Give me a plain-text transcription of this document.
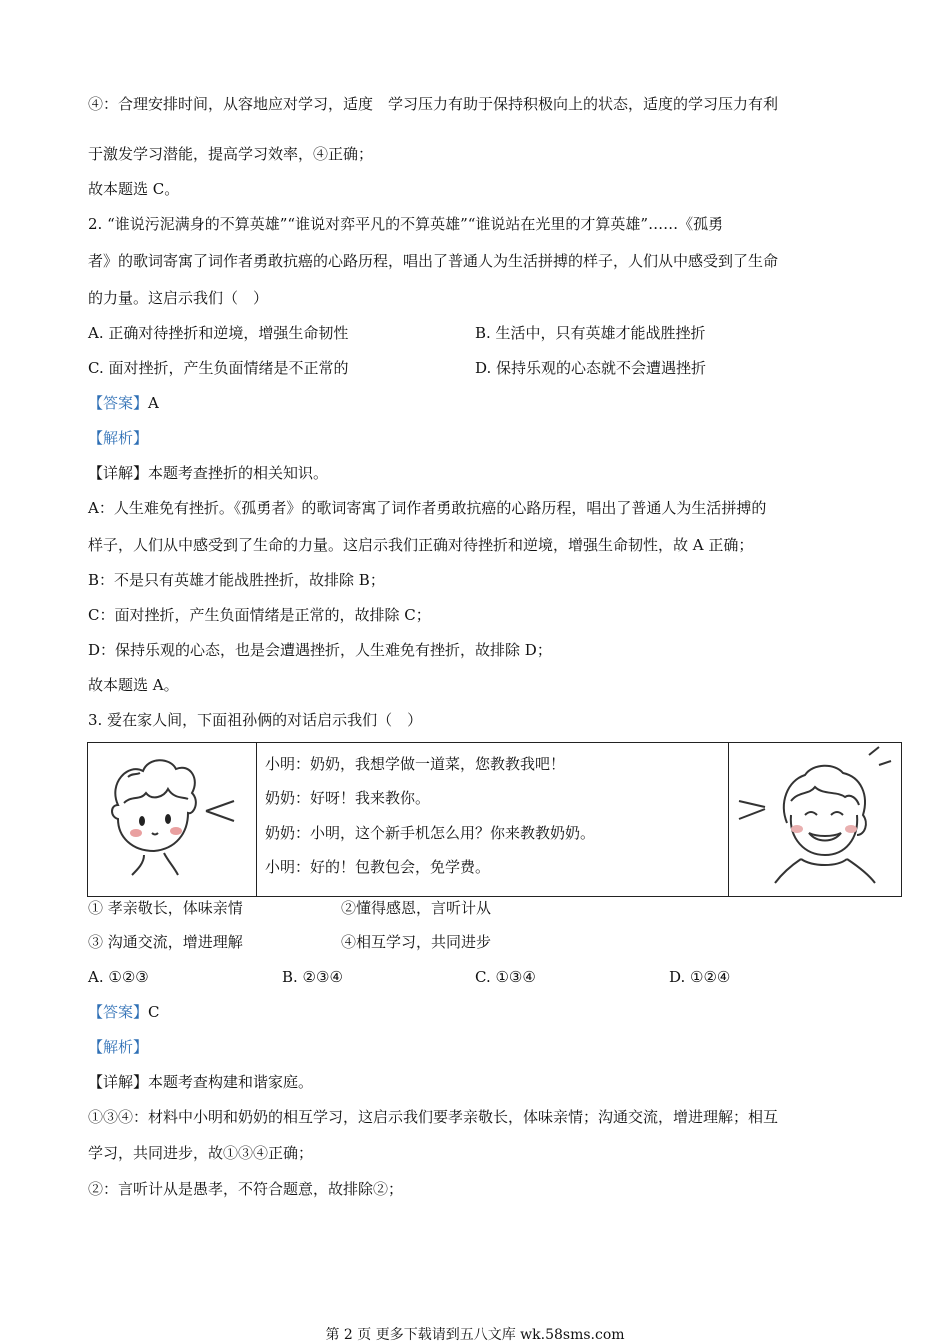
④：合理安排时间，从容地应对学习，适度　学习压力有助于保持积极向上的状态，适度的学习压力有利
于激发学习潜能，提高学习效率，④正确；
故本题选 C。
2. “谁说污泥满身的不算英雄”“谁说对弈平凡的不算英雄”“谁说站在光里的才算英雄”……《孤勇
者》的歌词寄寓了词作者勇敢抗癌的心路历程，唱出了普通人为生活拼搏的样子，人们从中感受到了生命
的力量。这启示我们（　）
A. 正确对待挫折和逆境，增强生命韧性	B. 生活中，只有英雄才能战胜挫折
C. 面对挫折，产生负面情绪是不正常的	D. 保持乐观的心态就不会遭遇挫折
【答案】A
【解析】
【详解】本题考查挫折的相关知识。
A：人生难免有挫折。《孤勇者》的歌词寄寓了词作者勇敢抗癌的心路历程，唱出了普通人为生活拼搏的
样子，人们从中感受到了生命的力量。这启示我们正确对待挫折和逆境，增强生命韧性，故 A 正确；
B：不是只有英雄才能战胜挫折，故排除 B；
C：面对挫折，产生负面情绪是正常的，故排除 C；
D：保持乐观的心态，也是会遭遇挫折，人生难免有挫折，故排除 D；
故本题选 A。
3. 爱在家人间，下面祖孙俩的对话启示我们（　）

小明：奶奶，我想学做一道菜，您教教我吧！
奶奶：好呀！我来教你。
奶奶：小明，这个新手机怎么用？你来教教奶奶。
小明：好的！包教包会，免学费。

① 孝亲敬长，体味亲情	②懂得感恩，言听计从
③ 沟通交流，增进理解	④相互学习，共同进步
A. ①②③	B. ②③④	C. ①③④	D. ①②④
【答案】C
【解析】
【详解】本题考查构建和谐家庭。
①③④：材料中小明和奶奶的相互学习，这启示我们要孝亲敬长，体味亲情；沟通交流，增进理解；相互
学习，共同进步，故①③④正确；
②：言听计从是愚孝，不符合题意，故排除②；
第 2 页 更多下载请到五八文库 wk.58sms.com
